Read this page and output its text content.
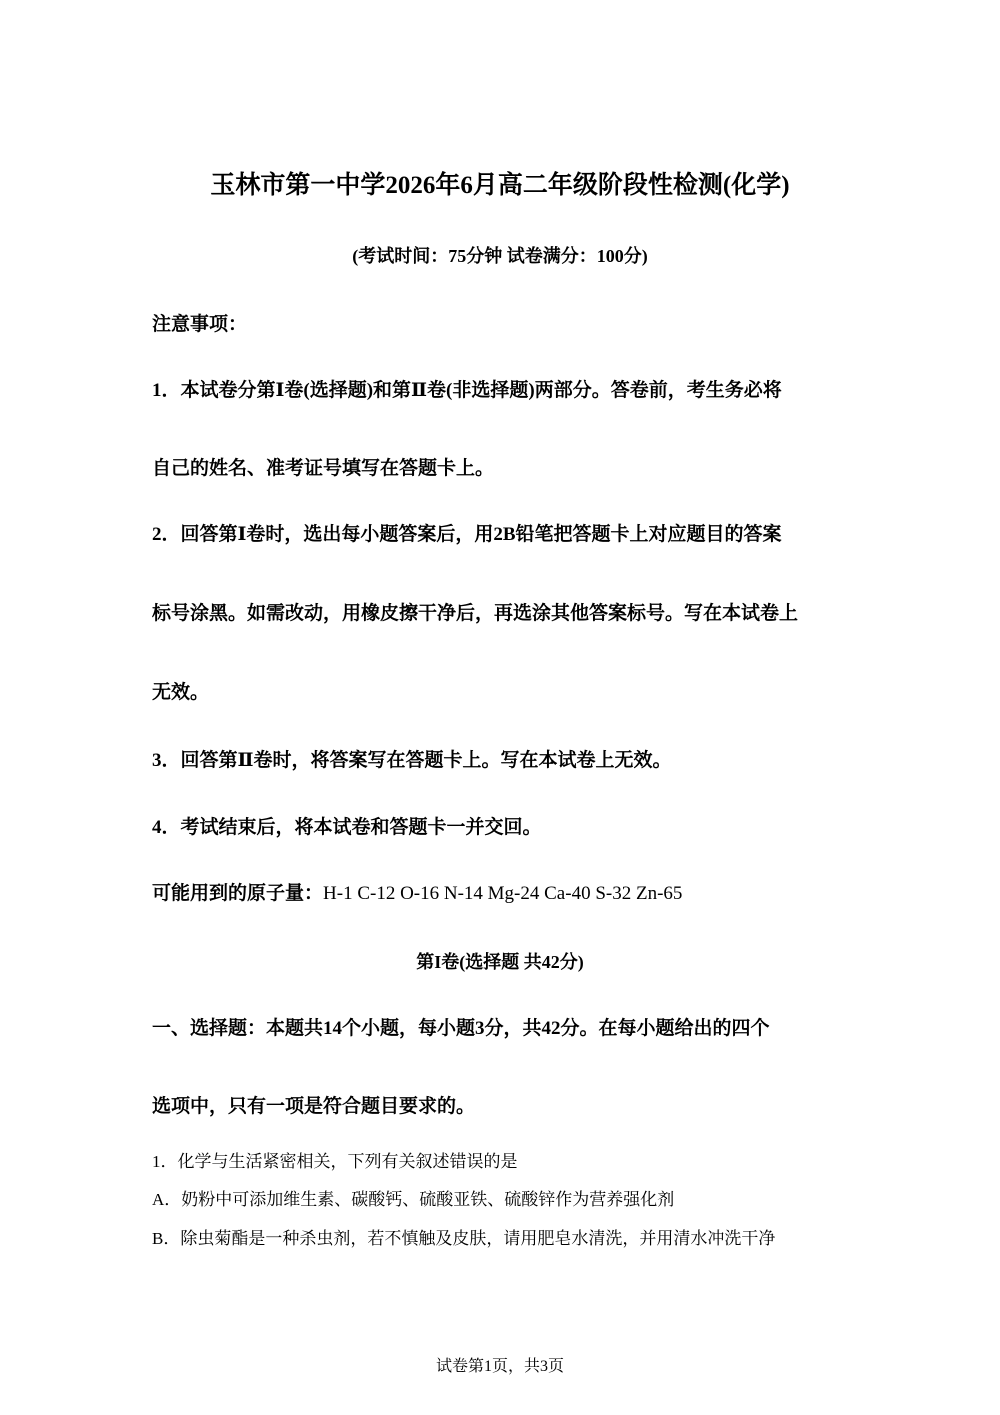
玉林市第一中学2026年6月高二年级阶段性检测(化学)
(考试时间：75分钟 试卷满分：100分)
注意事项：
1．本试卷分第Ⅰ卷(选择题)和第Ⅱ卷(非选择题)两部分。答卷前，考生务必将
自己的姓名、准考证号填写在答题卡上。
2．回答第Ⅰ卷时，选出每小题答案后，用2B铅笔把答题卡上对应题目的答案
标号涂黑。如需改动，用橡皮擦干净后，再选涂其他答案标号。写在本试卷上
无效。
3．回答第Ⅱ卷时，将答案写在答题卡上。写在本试卷上无效。
4．考试结束后，将本试卷和答题卡一并交回。
可能用到的原子量：H-1 C-12 O-16 N-14 Mg-24 Ca-40 S-32 Zn-65
第I卷(选择题 共42分)
一、选择题：本题共14个小题，每小题3分，共42分。在每小题给出的四个
选项中，只有一项是符合题目要求的。
1．化学与生活紧密相关，下列有关叙述错误的是
A．奶粉中可添加维生素、碳酸钙、硫酸亚铁、硫酸锌作为营养强化剂
B．除虫菊酯是一种杀虫剂，若不慎触及皮肤，请用肥皂水清洗，并用清水冲洗干净
试卷第1页，共3页
